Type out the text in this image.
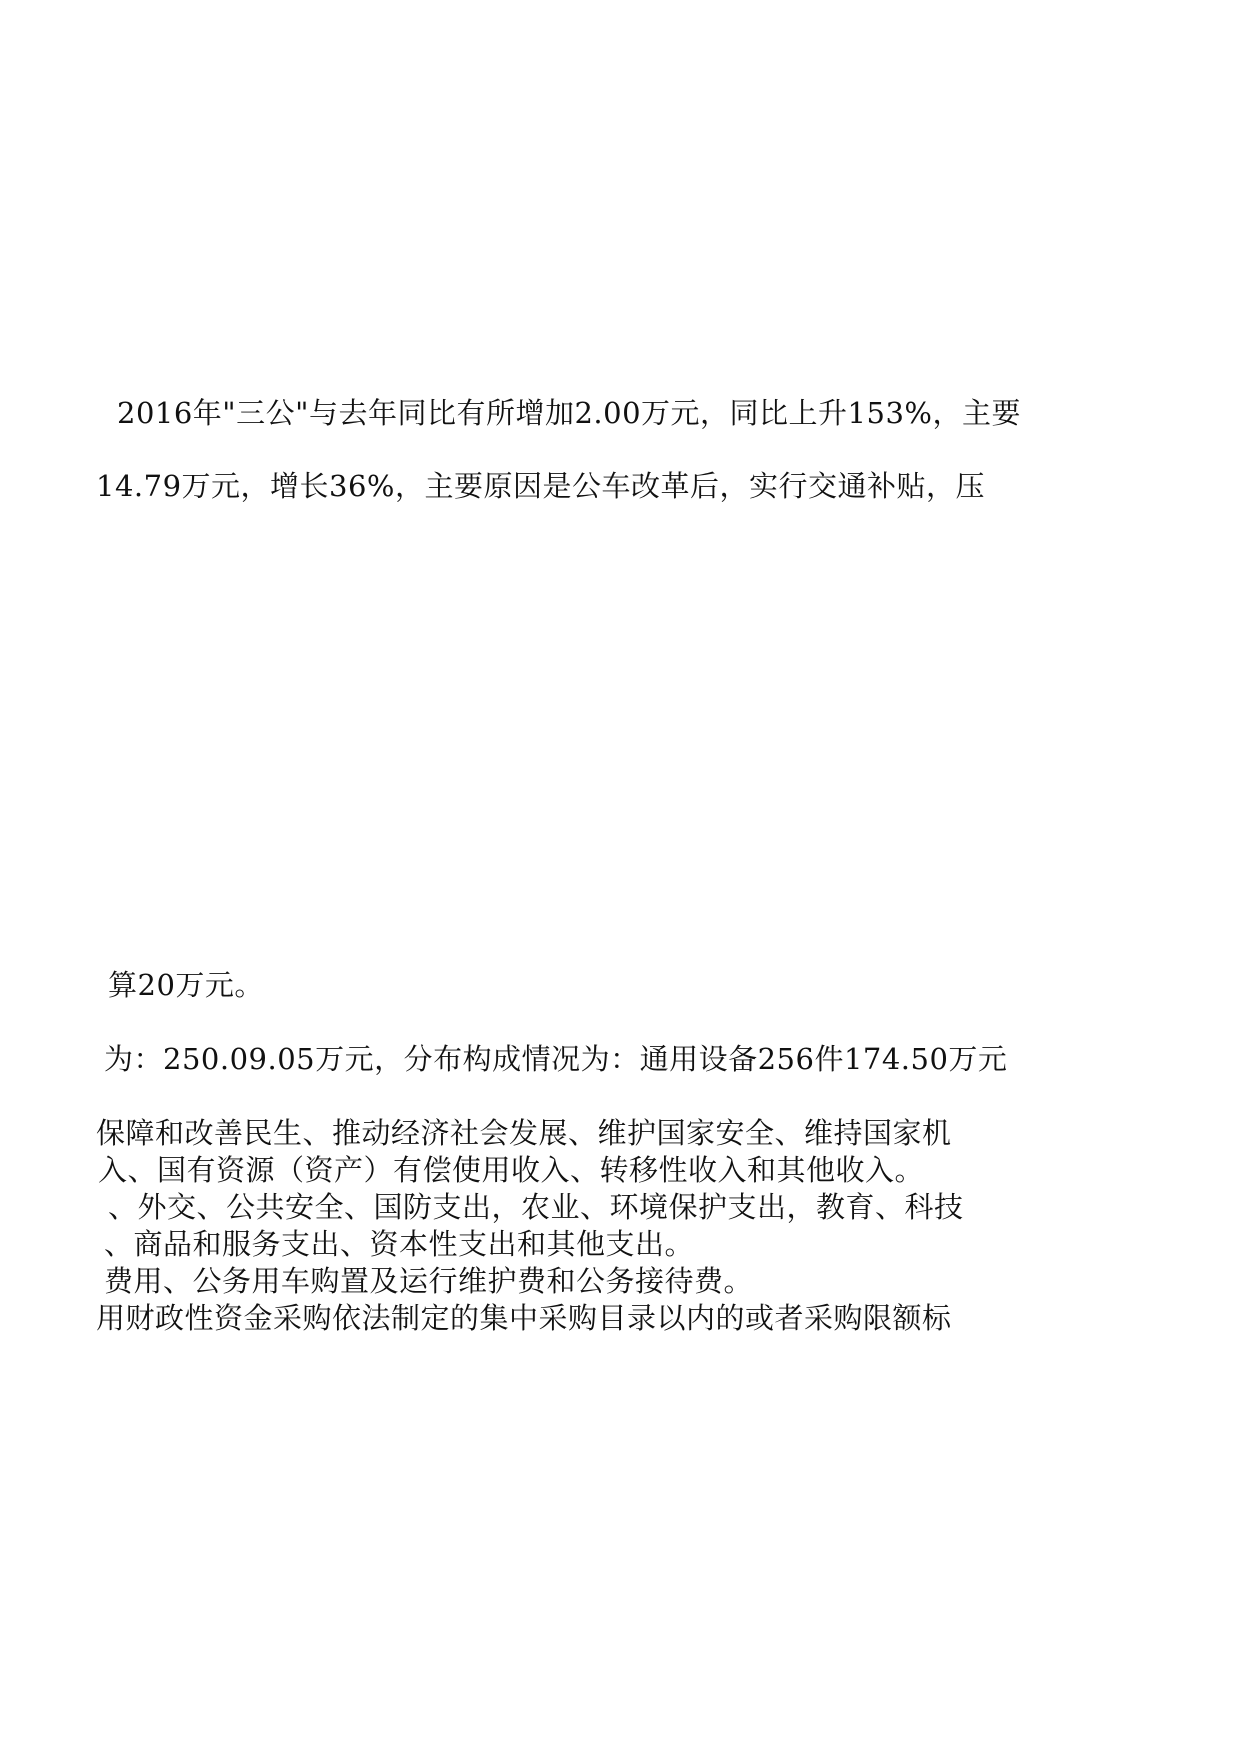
2016年"三公"与去年同比有所增加2.00万元，同比上升153%，主要
14.79万元，增长36%，主要原因是公车改革后，实行交通补贴，压
算20万元。
为：250.09.05万元，分布构成情况为：通用设备256件174.50万元
保障和改善民生、推动经济社会发展、维护国家安全、维持国家机
入、国有资源（资产）有偿使用收入、转移性收入和其他收入。
、外交、公共安全、国防支出，农业、环境保护支出，教育、科技
、商品和服务支出、资本性支出和其他支出。
费用、公务用车购置及运行维护费和公务接待费。
用财政性资金采购依法制定的集中采购目录以内的或者采购限额标
